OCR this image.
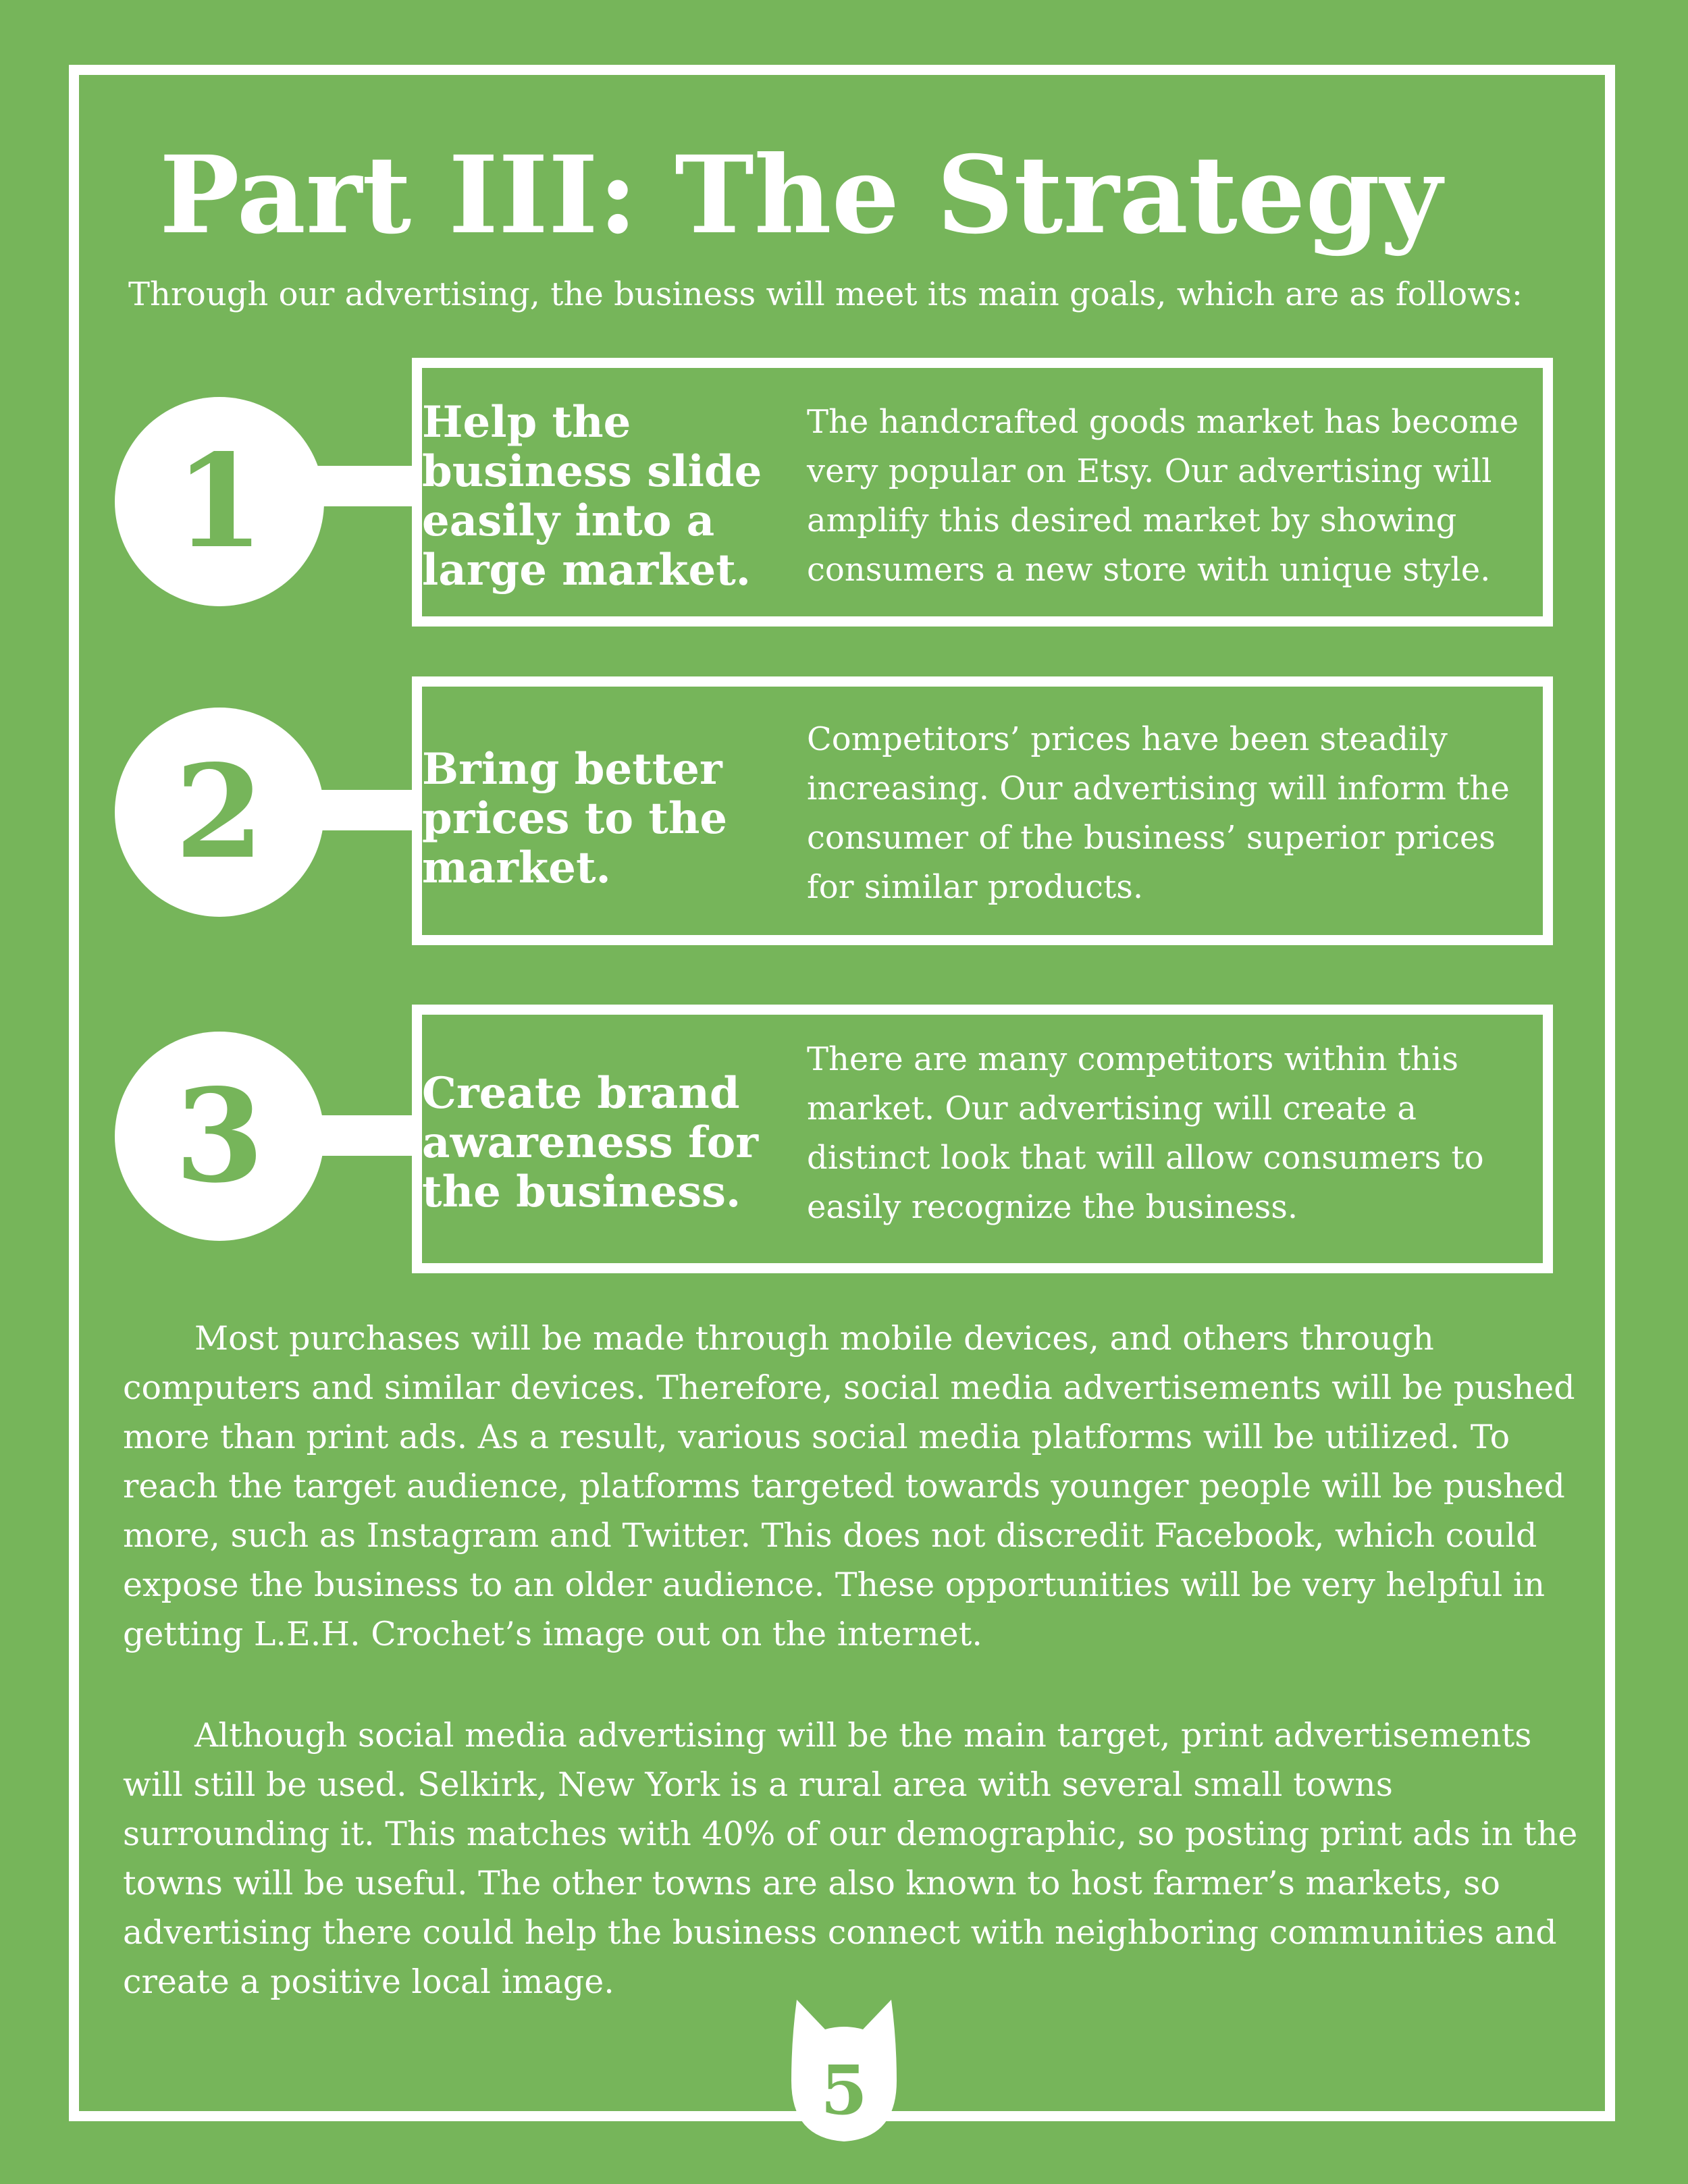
Part III: The Strategy

Through our advertising, the business will meet its main goals, which are as follows:

1
Help the
business slide
easily into a
large market.
The handcrafted goods market has become
very popular on Etsy. Our advertising will
amplify this desired market by showing
consumers a new store with unique style.
2	Bring better
prices to the
market.
Competitors’ prices have been steadily
increasing. Our advertising will inform the
consumer of the business’ superior prices
for similar products.
3	Create brand
awareness for
the business.
There are many competitors within this
market. Our advertising will create a
distinct look that will allow consumers to
easily recognize the business.
Most purchases will be made through mobile devices, and others through
computers and similar devices. Therefore, social media advertisements will be pushed
more than print ads. As a result, various social media platforms will be utilized. To
reach the target audience, platforms targeted towards younger people will be pushed
more, such as Instagram and Twitter. This does not discredit Facebook, which could
expose the business to an older audience. These opportunities will be very helpful in
getting L.E.H. Crochet’s image out on the internet.
Although social media advertising will be the main target, print advertisements
will still be used. Selkirk, New York is a rural area with several small towns
surrounding it. This matches with 40% of our demographic, so posting print ads in the
towns will be useful. The other towns are also known to host farmer’s markets, so
advertising there could help the business connect with neighboring communities and
create a positive local image.
5
